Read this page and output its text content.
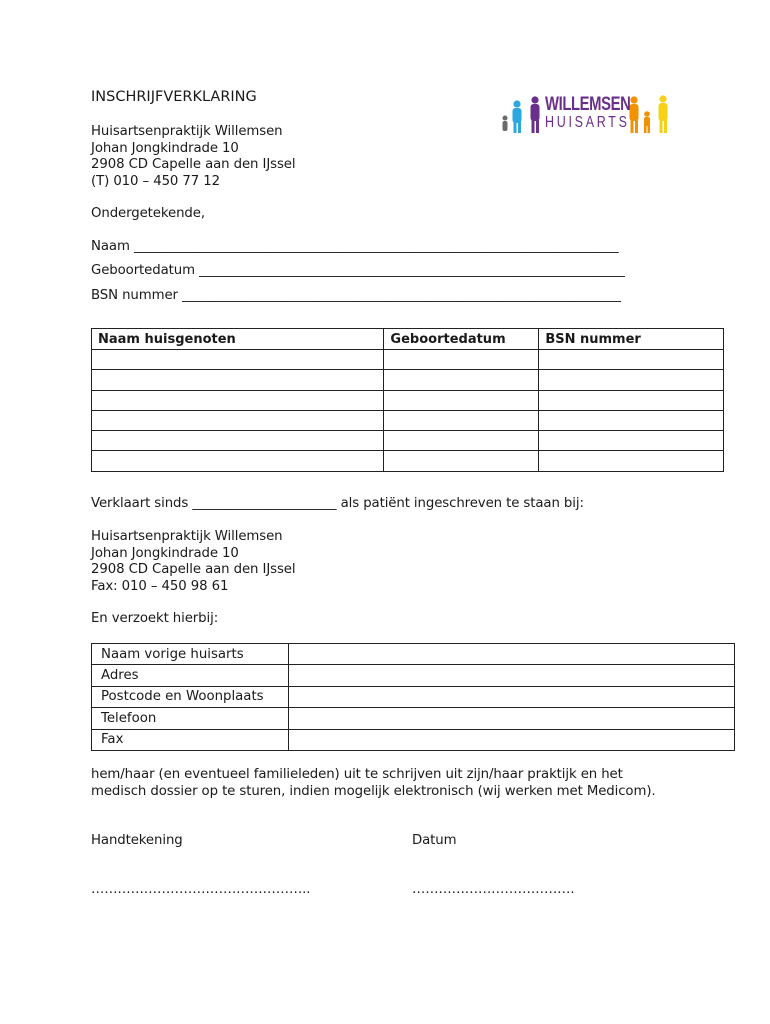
INSCHRIJFVERKLARING	WILLEMSEN
HUISARTS
Huisartsenpraktijk Willemsen
Johan Jongkindrade 10
2908 CD Capelle aan den IJssel
(T) 010 – 450 77 12
Ondergetekende,
Naam __________________________________________________________________________
Geboortedatum _________________________________________________________________
BSN nummer ___________________________________________________________________
Naam huisgenoten	Geboortedatum	BSN nummer

Verklaart sinds ______________________ als patiënt ingeschreven te staan bij:
Huisartsenpraktijk Willemsen
Johan Jongkindrade 10
2908 CD Capelle aan den IJssel
Fax: 010 – 450 98 61
En verzoekt hierbij:
Naam vorige huisarts	
Adres	
Postcode en Woonplaats	
Telefoon	
Fax	
hem/haar (en eventueel familieleden) uit te schrijven uit zijn/haar praktijk en het
medisch dossier op te sturen, indien mogelijk elektronisch (wij werken met Medicom).
Handtekening	Datum
…………………………………………..	……………………………….
